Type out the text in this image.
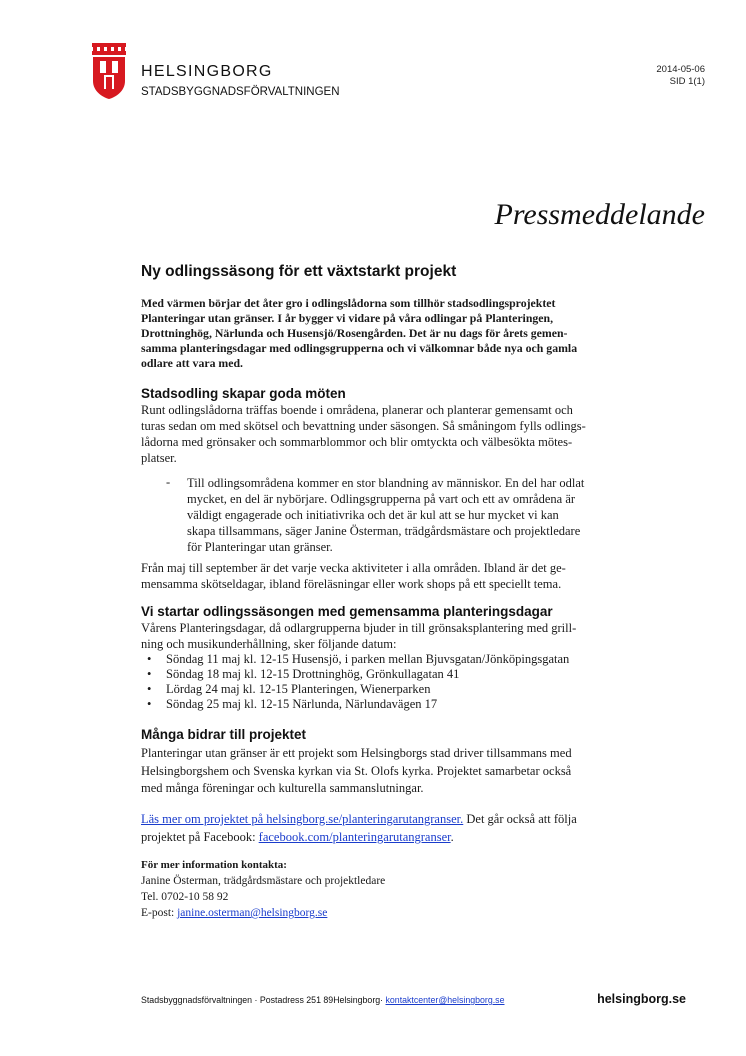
HELSINGBORG
STADSBYGGNADSFÖRVALTNINGEN
2014-05-06
SID 1(1)
Pressmeddelande
Ny odlingssäsong för ett växtstarkt projekt
Med värmen börjar det åter gro i odlingslådorna som tillhör stadsodlingsprojektet
Planteringar utan gränser. I år bygger vi vidare på våra odlingar på Planteringen,
Drottninghög, Närlunda och Husensjö/Rosengården. Det är nu dags för årets gemen-
samma planteringsdagar med odlingsgrupperna och vi välkomnar både nya och gamla
odlare att vara med.
Stadsodling skapar goda möten
Runt odlingslådorna träffas boende i områdena, planerar och planterar gemensamt och
turas sedan om med skötsel och bevattning under säsongen. Så småningom fylls odlings-
lådorna med grönsaker och sommarblommor och blir omtyckta och välbesökta mötes-
platser.
- Till odlingsområdena kommer en stor blandning av människor. En del har odlat
mycket, en del är nybörjare. Odlingsgrupperna på vart och ett av områdena är
väldigt engagerade och initiativrika och det är kul att se hur mycket vi kan
skapa tillsammans, säger Janine Österman, trädgårdsmästare och projektledare
för Planteringar utan gränser.
Från maj till september är det varje vecka aktiviteter i alla områden. Ibland är det ge-
mensamma skötseldagar, ibland föreläsningar eller work shops på ett speciellt tema.
Vi startar odlingssäsongen med gemensamma planteringsdagar
Vårens Planteringsdagar, då odlargrupperna bjuder in till grönsaksplantering med grill-
ning och musikunderhållning, sker följande datum:
• Söndag 11 maj kl. 12-15 Husensjö, i parken mellan Bjuvsgatan/Jönköpingsgatan
• Söndag 18 maj kl. 12-15 Drottninghög, Grönkullagatan 41
• Lördag 24 maj kl. 12-15 Planteringen, Wienerparken
• Söndag 25 maj kl. 12-15 Närlunda, Närlundavägen 17
Många bidrar till projektet
Planteringar utan gränser är ett projekt som Helsingborgs stad driver tillsammans med
Helsingborgshem och Svenska kyrkan via St. Olofs kyrka. Projektet samarbetar också
med många föreningar och kulturella sammanslutningar.
Läs mer om projektet på helsingborg.se/planteringarutangranser. Det går också att följa
projektet på Facebook: facebook.com/planteringarutangranser.
För mer information kontakta:
Janine Österman, trädgårdsmästare och projektledare
Tel. 0702-10 58 92
E-post: janine.osterman@helsingborg.se
Stadsbyggnadsförvaltningen · Postadress 251 89Helsingborg· kontaktcenter@helsingborg.se	helsingborg.se
